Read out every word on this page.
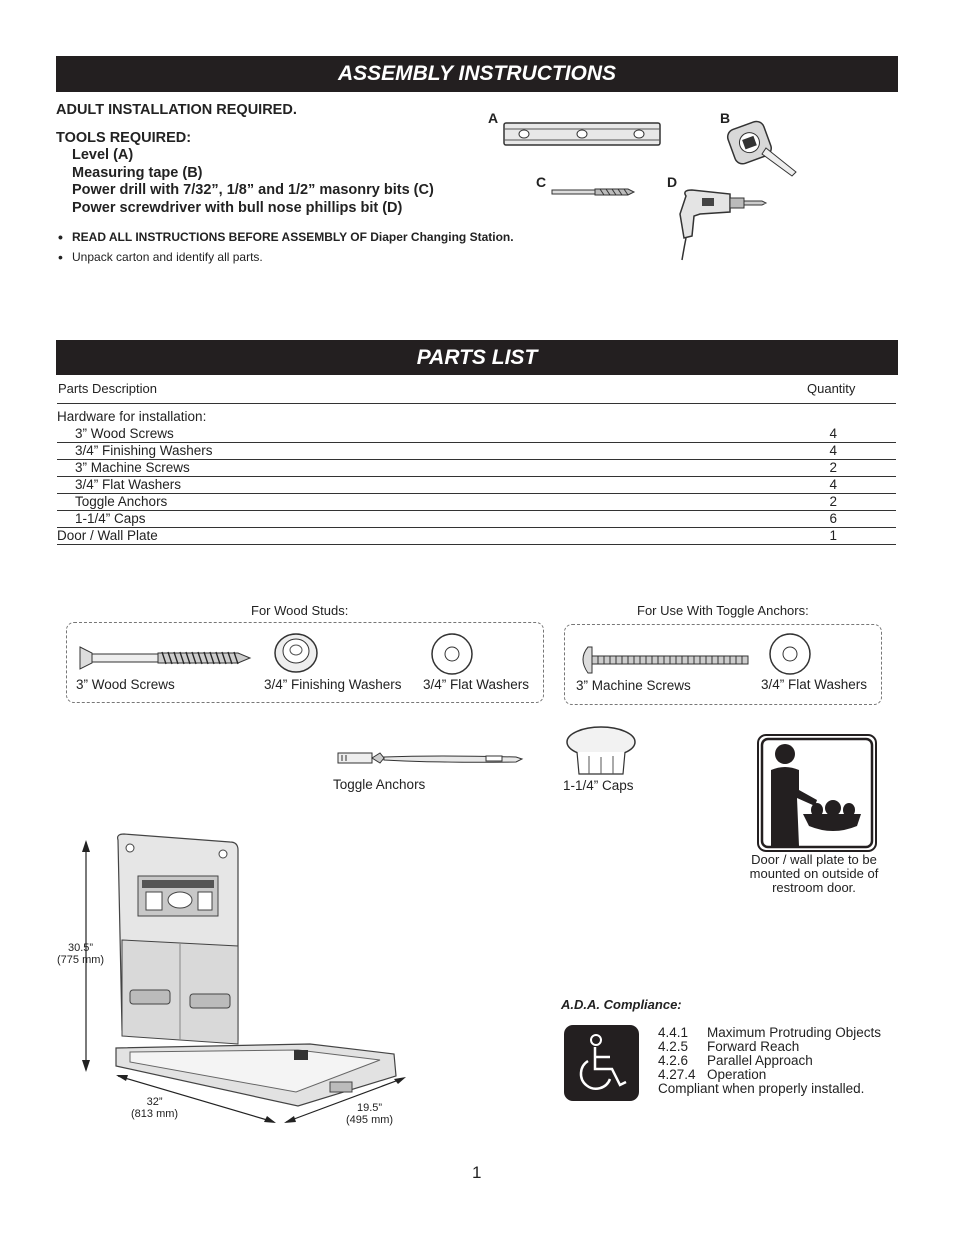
ASSEMBLY INSTRUCTIONS
ADULT INSTALLATION REQUIRED.
TOOLS REQUIRED:
Level (A)
Measuring tape (B)
Power drill with 7/32”, 1/8” and 1/2” masonry bits (C)
Power screwdriver with bull nose phillips bit (D)
• READ ALL INSTRUCTIONS BEFORE ASSEMBLY OF Diaper Changing Station.
• Unpack carton and identify all parts.
A	B
C	D
PARTS LIST
Parts Description	Quantity
Hardware for installation:
3” Wood Screws	4
3/4” Finishing Washers	4
3” Machine Screws	2
3/4” Flat Washers	4
Toggle Anchors	2
1-1/4” Caps	6
Door / Wall Plate	1
For Wood Studs:	For Use With Toggle Anchors:
3” Wood Screws	3/4” Finishing Washers 3/4” Flat Washers	3” Machine Screws	3/4” Flat Washers
Toggle Anchors	1-1/4” Caps
Door / wall plate to be
mounted on outside of
restroom door.
30.5”
(775 mm)
32”
(813 mm)	19.5”
(495 mm)
A.D.A. Compliance:
4.4.1 Maximum Protruding Objects
4.2.5 Forward Reach
4.2.6 Parallel Approach
4.27.4 Operation
Compliant when properly installed.
1
